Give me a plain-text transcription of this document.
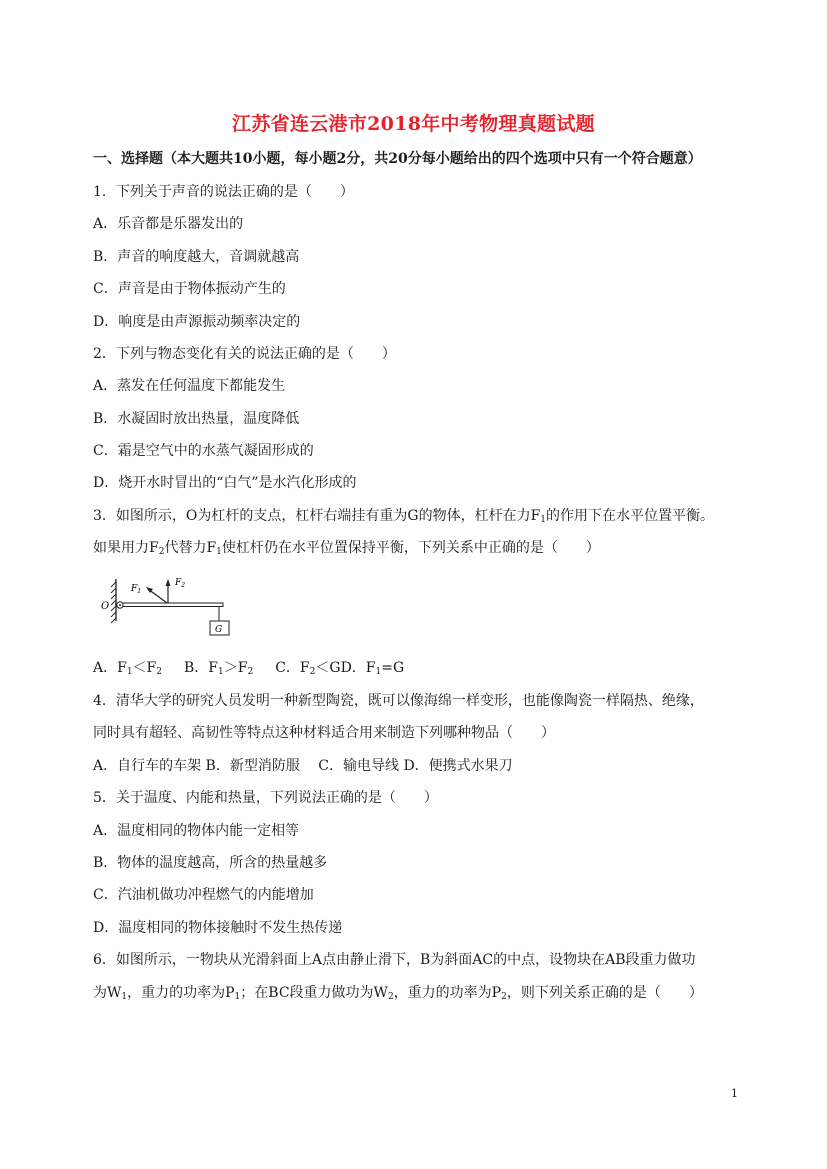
江苏省连云港市2018年中考物理真题试题
一、选择题（本大题共10小题，每小题2分，共20分每小题给出的四个选项中只有一个符合题意）
1．下列关于声音的说法正确的是（　　）
A．乐音都是乐器发出的
B．声音的响度越大，音调就越高
C．声音是由于物体振动产生的
D．响度是由声源振动频率决定的
2．下列与物态变化有关的说法正确的是（　　）
A．蒸发在任何温度下都能发生
B．水凝固时放出热量，温度降低
C．霜是空气中的水蒸气凝固形成的
D．烧开水时冒出的“白气”是水汽化形成的
3．如图所示，O为杠杆的支点，杠杆右端挂有重为G的物体，杠杆在力$F_1$的作用下在水平位置平衡。
如果用力$F_2$代替力$F_1$使杠杆仍在水平位置保持平衡，下列关系中正确的是（　　）
$F_1$
$F_2$
O
G
A．$F_1<F_2$　B．$F_1>F_2$　C．$F_2<GD$．$F_1=G$
4．清华大学的研究人员发明一种新型陶瓷，既可以像海绵一样变形，也能像陶瓷一样隔热、绝缘，
同时具有超轻、高韧性等特点这种材料适合用来制造下列哪种物品（　　）
A．自行车的车架 B．新型消防服　 C．输电导线 D．便携式水果刀
5．关于温度、内能和热量，下列说法正确的是（　　）
A．温度相同的物体内能一定相等
B．物体的温度越高，所含的热量越多
C．汽油机做功冲程燃气的内能增加
D．温度相同的物体接触时不发生热传递
6．如图所示，一物块从光滑斜面上A点由静止滑下，B为斜面AC的中点，设物块在AB段重力做功
为$W_1$，重力的功率为$P_1$；在BC段重力做功为$W_2$，重力的功率为$P_2$，则下列关系正确的是（　　）
1
